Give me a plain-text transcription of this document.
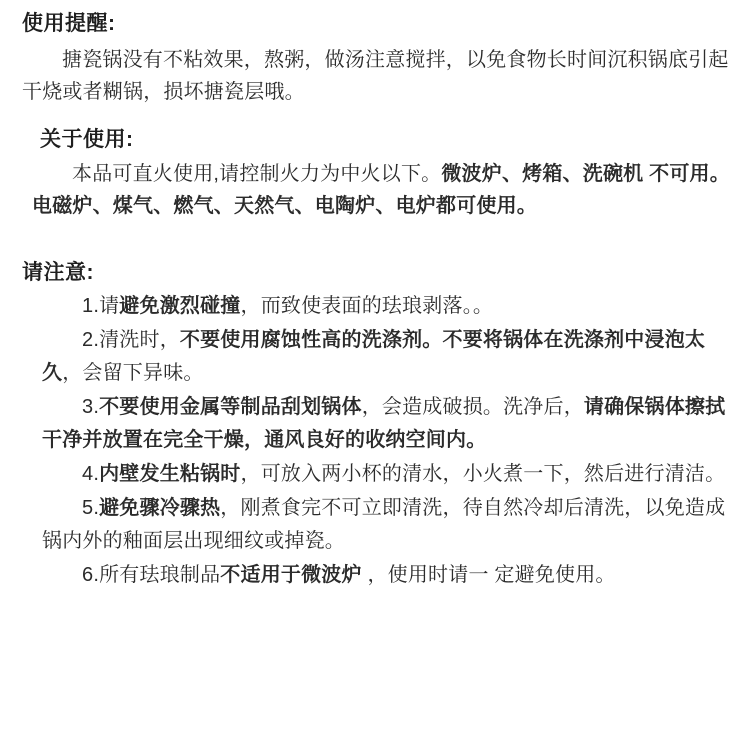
使用提醒:

搪瓷锅没有不粘效果，熬粥，做汤注意搅拌，以免食物长时间沉积锅底引起干烧或者糊锅，损坏搪瓷层哦。

关于使用:

本品可直火使用,请控制火力为中火以下。微波炉、烤箱、洗碗机 不可用。电磁炉、煤气、燃气、天然气、电陶炉、电炉都可使用。

请注意:

1.请避免激烈碰撞，而致使表面的珐琅剥落。。

2.清洗时，不要使用腐蚀性高的洗涤剂。不要将锅体在洗涤剂中浸泡太久，会留下异味。

3.不要使用金属等制品刮划锅体，会造成破损。洗净后，请确保锅体擦拭干净并放置在完全干燥，通风良好的收纳空间内。

4.内壁发生粘锅时，可放入两小杯的清水，小火煮一下，然后进行清洁。

5.避免骤冷骤热，刚煮食完不可立即清洗，待自然冷却后清洗，以免造成锅内外的釉面层出现细纹或掉瓷。

6.所有珐琅制品不适用于微波炉 ，使用时请一 定避免使用。
